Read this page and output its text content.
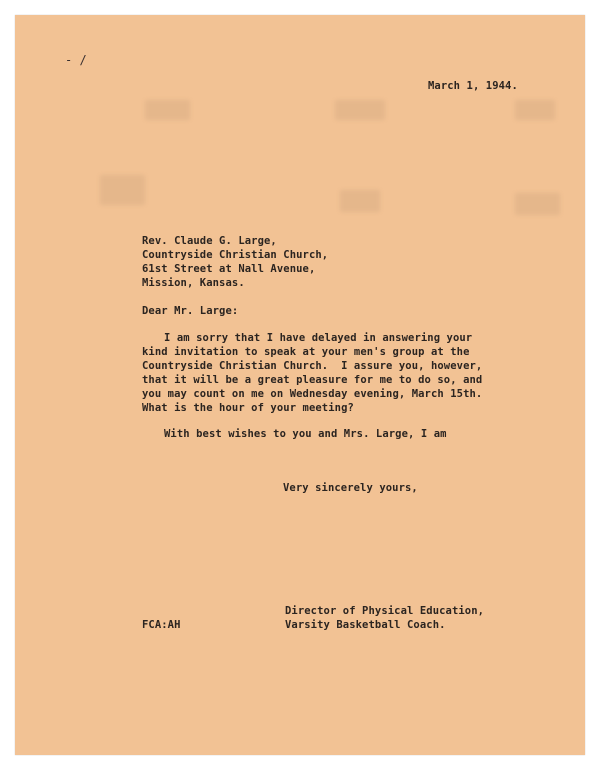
- /
March 1, 1944.
Rev. Claude G. Large,
Countryside Christian Church,
61st Street at Nall Avenue,
Mission, Kansas.
Dear Mr. Large:
I am sorry that I have delayed in answering your
kind invitation to speak at your men's group at the
Countryside Christian Church.  I assure you, however,
that it will be a great pleasure for me to do so, and
you may count on me on Wednesday evening, March 15th.
What is the hour of your meeting?
With best wishes to you and Mrs. Large, I am
Very sincerely yours,
Director of Physical Education,
Varsity Basketball Coach.
FCA:AH
